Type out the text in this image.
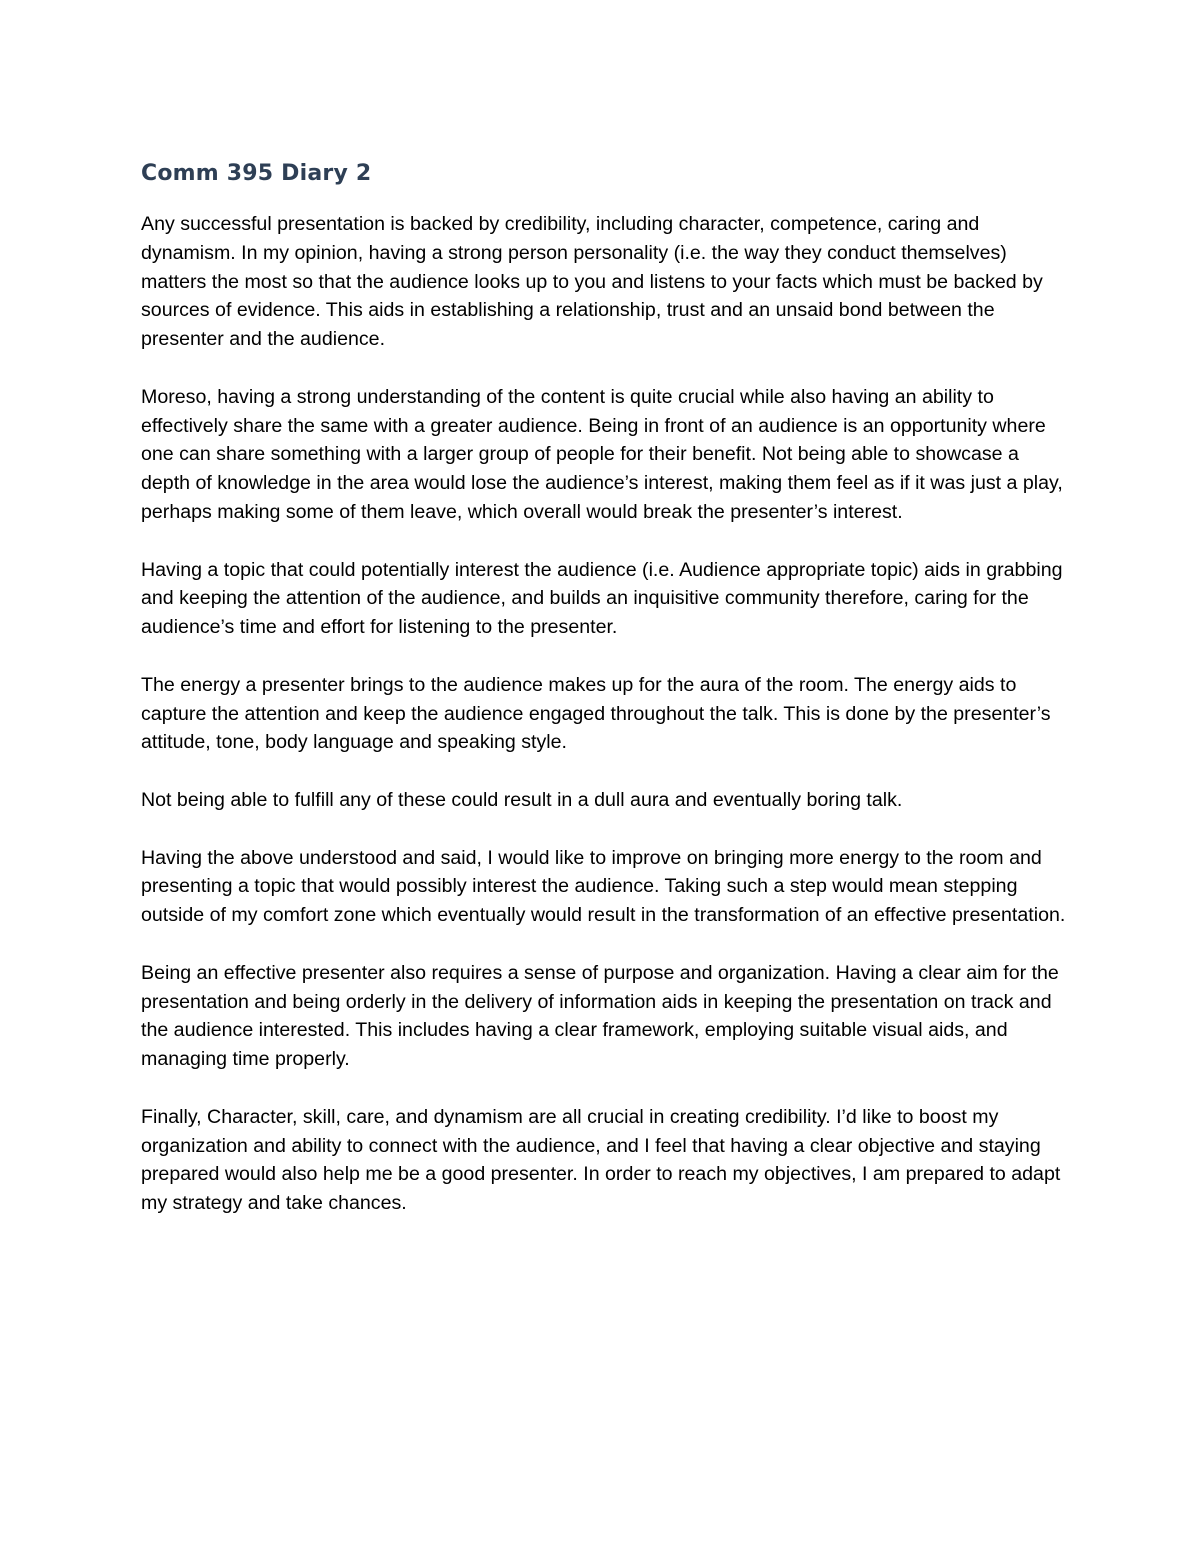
Comm 395 Diary 2

Any successful presentation is backed by credibility, including character, competence, caring and dynamism. In my opinion, having a strong person personality (i.e. the way they conduct themselves) matters the most so that the audience looks up to you and listens to your facts which must be backed by sources of evidence. This aids in establishing a relationship, trust and an unsaid bond between the presenter and the audience.

Moreso, having a strong understanding of the content is quite crucial while also having an ability to effectively share the same with a greater audience. Being in front of an audience is an opportunity where one can share something with a larger group of people for their benefit. Not being able to showcase a depth of knowledge in the area would lose the audience’s interest, making them feel as if it was just a play, perhaps making some of them leave, which overall would break the presenter’s interest.

Having a topic that could potentially interest the audience (i.e. Audience appropriate topic) aids in grabbing and keeping the attention of the audience, and builds an inquisitive community therefore, caring for the audience’s time and effort for listening to the presenter.

The energy a presenter brings to the audience makes up for the aura of the room. The energy aids to capture the attention and keep the audience engaged throughout the talk. This is done by the presenter’s attitude, tone, body language and speaking style.

Not being able to fulfill any of these could result in a dull aura and eventually boring talk.

Having the above understood and said, I would like to improve on bringing more energy to the room and presenting a topic that would possibly interest the audience. Taking such a step would mean stepping outside of my comfort zone which eventually would result in the transformation of an effective presentation.

Being an effective presenter also requires a sense of purpose and organization. Having a clear aim for the presentation and being orderly in the delivery of information aids in keeping the presentation on track and the audience interested. This includes having a clear framework, employing suitable visual aids, and managing time properly.

Finally, Character, skill, care, and dynamism are all crucial in creating credibility. I’d like to boost my organization and ability to connect with the audience, and I feel that having a clear objective and staying prepared would also help me be a good presenter. In order to reach my objectives, I am prepared to adapt my strategy and take chances.
